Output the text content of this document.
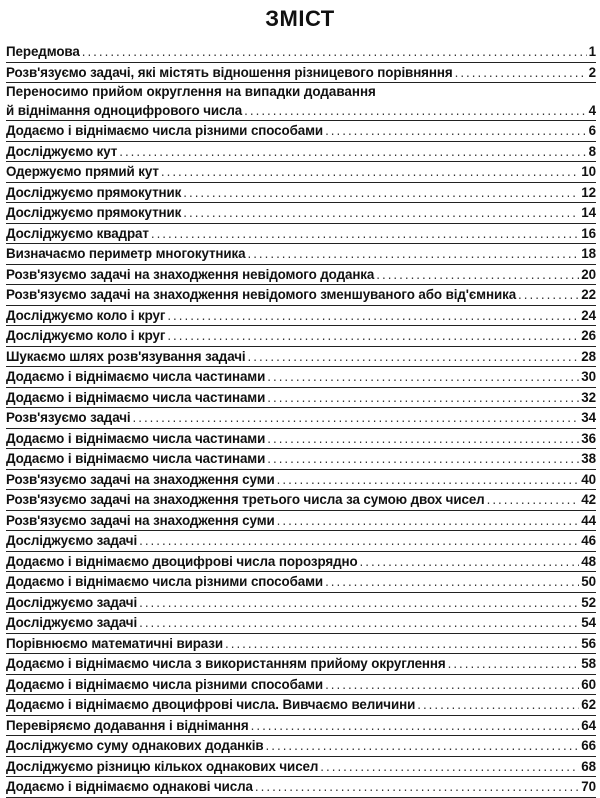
ЗМІСТ
Передмова .....	1
Розв'язуємо задачі, які містять відношення різницевого порівняння .....	2
Переносимо прийом округлення на випадки додавання
й віднімання одноцифрового числа .....	4
Додаємо і віднімаємо числа різними способами .....	6
Досліджуємо кут .....	8
Одержуємо прямий кут .....	10
Досліджуємо прямокутник .....	12
Досліджуємо прямокутник .....	14
Досліджуємо квадрат .....	16
Визначаємо периметр многокутника .....	18
Розв'язуємо задачі на знаходження невідомого доданка .....	20
Розв'язуємо задачі на знаходження невідомого зменшуваного або від'ємника .....	22
Досліджуємо коло і круг .....	24
Досліджуємо коло і круг .....	26
Шукаємо шлях розв'язування задачі .....	28
Додаємо і віднімаємо числа частинами .....	30
Додаємо і віднімаємо числа частинами .....	32
Розв'язуємо задачі .....	34
Додаємо і віднімаємо числа частинами .....	36
Додаємо і віднімаємо числа частинами .....	38
Розв'язуємо задачі на знаходження суми .....	40
Розв'язуємо задачі на знаходження третього числа за сумою двох чисел .....	42
Розв'язуємо задачі на знаходження суми .....	44
Досліджуємо задачі .....	46
Додаємо і віднімаємо двоцифрові числа порозрядно .....	48
Додаємо і віднімаємо числа різними способами .....	50
Досліджуємо задачі .....	52
Досліджуємо задачі .....	54
Порівнюємо математичні вирази .....	56
Додаємо і віднімаємо числа з використанням прийому округлення .....	58
Додаємо і віднімаємо числа різними способами .....	60
Додаємо і віднімаємо двоцифрові числа. Вивчаємо величини .....	62
Перевіряємо додавання і віднімання .....	64
Досліджуємо суму однакових доданків .....	66
Досліджуємо різницю кількох однакових чисел .....	68
Додаємо і віднімаємо однакові числа .....	70
